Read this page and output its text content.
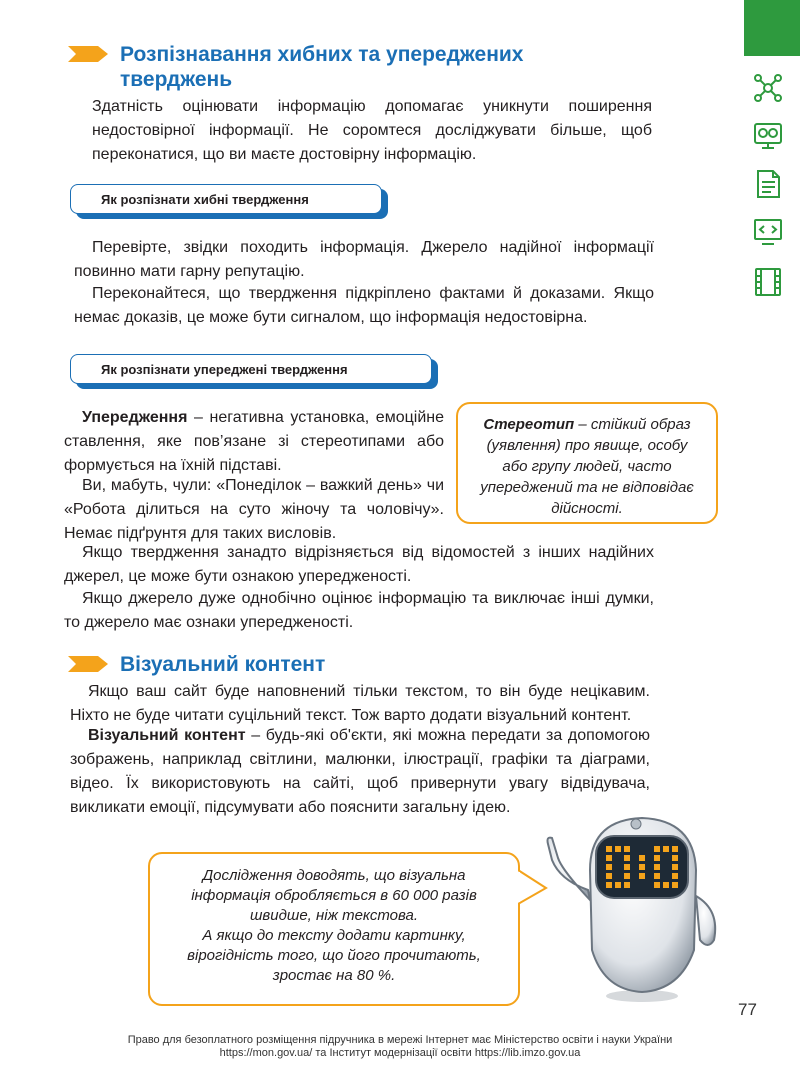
Розпізнавання хибних та упереджених
тверджень

Здатність оцінювати інформацію допомагає уникнути поширення недостовірної інформації. Не соромтеся досліджувати більше, щоб переконатися, що ви маєте достовірну інформацію.

Як розпізнати хибні твердження

Перевірте, звідки походить інформація. Джерело надійної інформації повинно мати гарну репутацію.

Переконайтеся, що твердження підкріплено фактами й доказами. Якщо немає доказів, це може бути сигналом, що інформація недостовірна.

Як розпізнати упереджені твердження

Упередження – негативна установка, емоційне ставлення, яке пов’язане зі стереотипами або формується на їхній підставі.

Ви, мабуть, чули: «Понеділок – важкий день» чи «Робота ділиться на суто жіночу та чоловічу». Немає підґрунтя для таких висловів.

Стереотип – стійкий образ (уявлення) про явище, особу або групу людей, часто упереджений та не відповідає дійсності.

Якщо твердження занадто відрізняється від відомостей з інших надійних джерел, це може бути ознакою упередженості.

Якщо джерело дуже однобічно оцінює інформацію та виключає інші думки, то джерело має ознаки упередженості.

Візуальний контент

Якщо ваш сайт буде наповнений тільки текстом, то він буде нецікавим. Ніхто не буде читати суцільний текст. Тож варто додати візуальний контент.

Візуальний контент – будь-які об'єкти, які можна передати за допомогою зображень, наприклад світлини, малюнки, ілюстрації, графіки та діаграми, відео. Їх використовують на сайті, щоб привернути увагу відвідувача, викликати емоції, підсумувати або пояснити загальну ідею.

Дослідження доводять, що візуальна
інформація обробляється в 60 000 разів
швидше, ніж текстова.
А якщо до тексту додати картинку,
вірогідність того, що його прочитають,
зростає на 80 %.
77
Право для безоплатного розміщення підручника в мережі Інтернет має Міністерство освіти і науки України
https://mon.gov.ua/ та Інститут модернізації освіти https://lib.imzo.gov.ua
